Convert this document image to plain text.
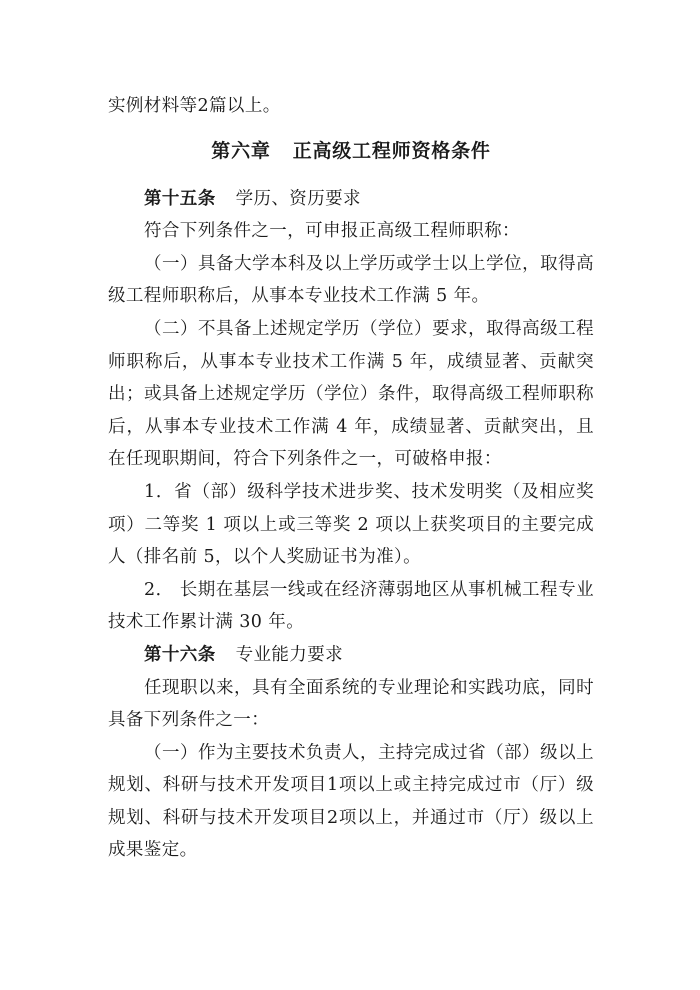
实例材料等2篇以上。

第六章 正高级工程师资格条件

第十五条 学历、资历要求

符合下列条件之一，可申报正高级工程师职称：

（一）具备大学本科及以上学历或学士以上学位，取得高级工程师职称后，从事本专业技术工作满 5 年。

（二）不具备上述规定学历（学位）要求，取得高级工程师职称后，从事本专业技术工作满 5 年，成绩显著、贡献突出；或具备上述规定学历（学位）条件，取得高级工程师职称后，从事本专业技术工作满 4 年，成绩显著、贡献突出，且在任现职期间，符合下列条件之一，可破格申报：

1．省（部）级科学技术进步奖、技术发明奖（及相应奖项）二等奖 1 项以上或三等奖 2 项以上获奖项目的主要完成人（排名前 5，以个人奖励证书为准）。

2． 长期在基层一线或在经济薄弱地区从事机械工程专业技术工作累计满 30 年。

第十六条 专业能力要求

任现职以来，具有全面系统的专业理论和实践功底，同时具备下列条件之一：

（一）作为主要技术负责人，主持完成过省（部）级以上规划、科研与技术开发项目1项以上或主持完成过市（厅）级规划、科研与技术开发项目2项以上，并通过市（厅）级以上成果鉴定。
